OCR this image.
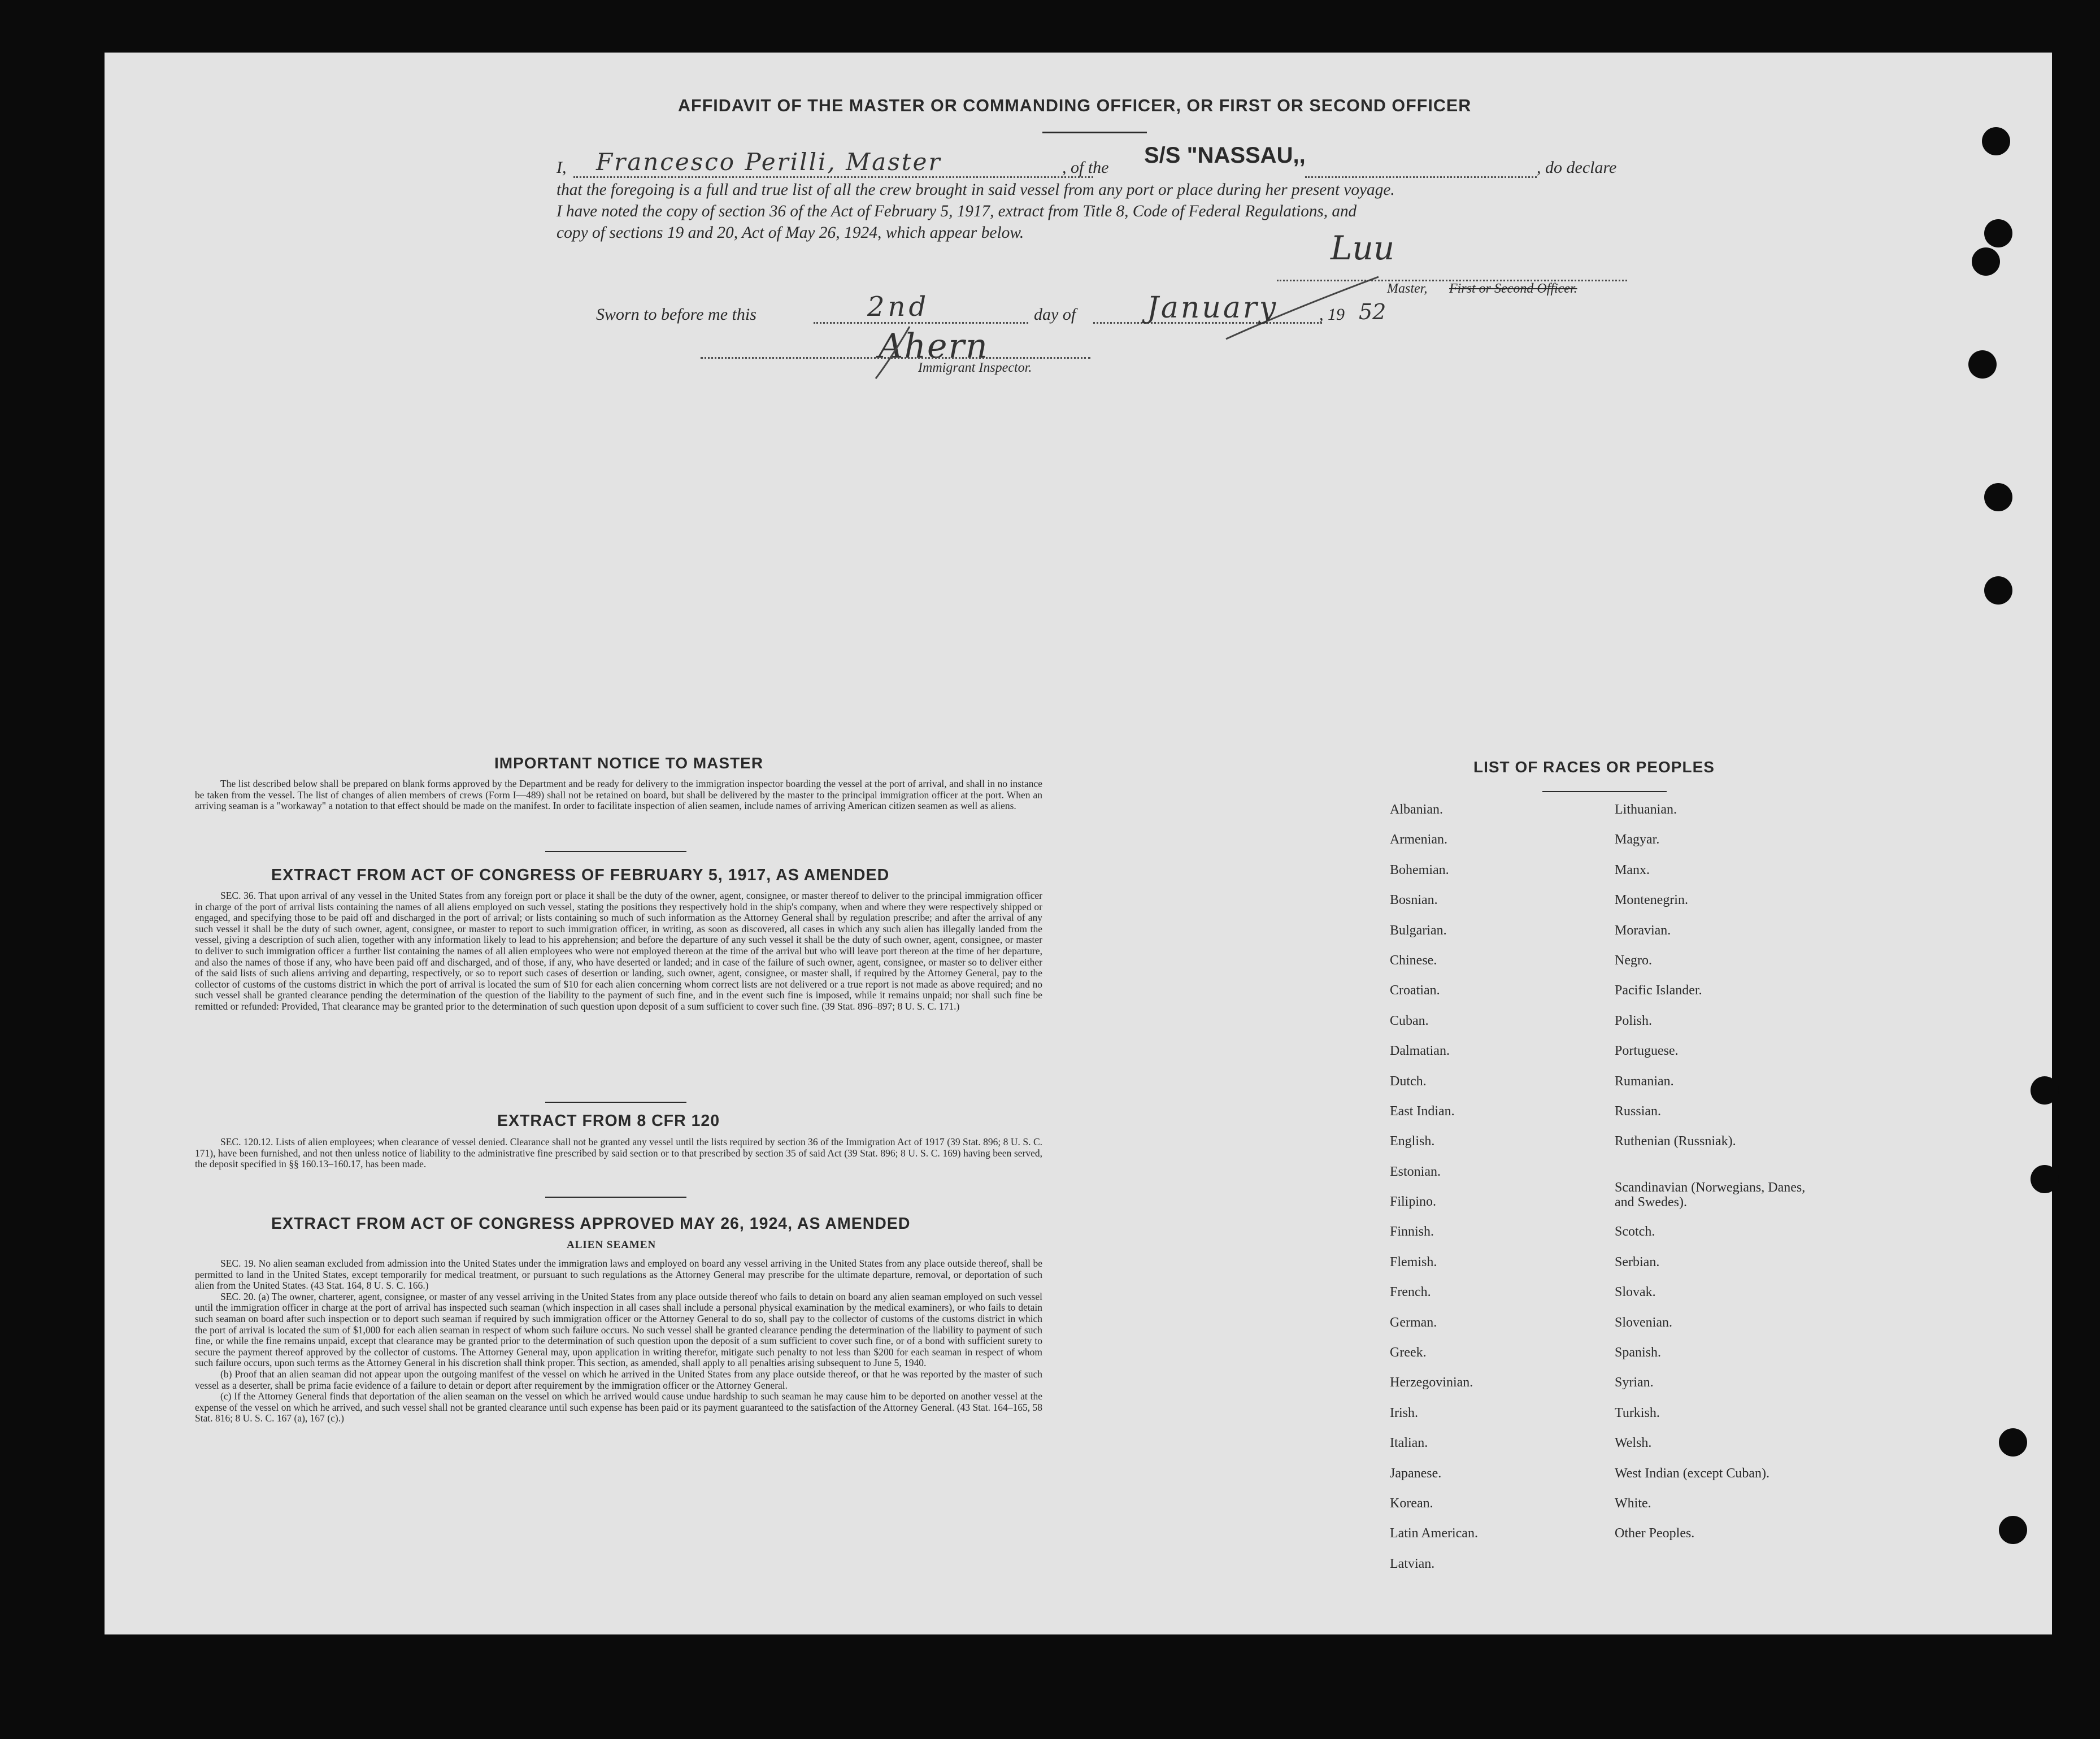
AFFIDAVIT OF THE MASTER OR COMMANDING OFFICER, OR FIRST OR SECOND OFFICER
I, Francesco Perilli, Master	, of the S/S "NASSAU,,	, do declare
that the foregoing is a full and true list of all the crew brought in said vessel from any port or place during her present voyage.
I have noted the copy of section 36 of the Act of February 5, 1917, extract from Title 8, Code of Federal Regulations, and
copy of sections 19 and 20, Act of May 26, 1924, which appear below.	Luu
Master, First or Second Officer.
Sworn to before me this	2nd	day of January , 19 52
Ahern
Immigrant Inspector.
IMPORTANT NOTICE TO MASTER

The list described below shall be prepared on blank forms approved by the Department and be ready for delivery to the immigration inspector boarding the vessel at the port of arrival, and shall in no instance be taken from the vessel. The list of changes of alien members of crews (Form I—489) shall not be retained on board, but shall be delivered by the master to the principal immigration officer at the port. When an arriving seaman is a "workaway" a notation to that effect should be made on the manifest. In order to facilitate inspection of alien seamen, include names of arriving American citizen seamen as well as aliens.

EXTRACT FROM ACT OF CONGRESS OF FEBRUARY 5, 1917, AS AMENDED

SEC. 36. That upon arrival of any vessel in the United States from any foreign port or place it shall be the duty of the owner, agent, consignee, or master thereof to deliver to the principal immigration officer in charge of the port of arrival lists containing the names of all aliens employed on such vessel, stating the positions they respectively hold in the ship's company, when and where they were respectively shipped or engaged, and specifying those to be paid off and discharged in the port of arrival; or lists containing so much of such information as the Attorney General shall by regulation prescribe; and after the arrival of any such vessel it shall be the duty of such owner, agent, consignee, or master to report to such immigration officer, in writing, as soon as discovered, all cases in which any such alien has illegally landed from the vessel, giving a description of such alien, together with any information likely to lead to his apprehension; and before the departure of any such vessel it shall be the duty of such owner, agent, consignee, or master to deliver to such immigration officer a further list containing the names of all alien employees who were not employed thereon at the time of the arrival but who will leave port thereon at the time of her departure, and also the names of those if any, who have been paid off and discharged, and of those, if any, who have deserted or landed; and in case of the failure of such owner, agent, consignee, or master so to deliver either of the said lists of such aliens arriving and departing, respectively, or so to report such cases of desertion or landing, such owner, agent, consignee, or master shall, if required by the Attorney General, pay to the collector of customs of the customs district in which the port of arrival is located the sum of $10 for each alien concerning whom correct lists are not delivered or a true report is not made as above required; and no such vessel shall be granted clearance pending the determination of the question of the liability to the payment of such fine, and in the event such fine is imposed, while it remains unpaid; nor shall such fine be remitted or refunded: Provided, That clearance may be granted prior to the determination of such question upon deposit of a sum sufficient to cover such fine. (39 Stat. 896–897; 8 U. S. C. 171.)

EXTRACT FROM 8 CFR 120

SEC. 120.12. Lists of alien employees; when clearance of vessel denied. Clearance shall not be granted any vessel until the lists required by section 36 of the Immigration Act of 1917 (39 Stat. 896; 8 U. S. C. 171), have been furnished, and not then unless notice of liability to the administrative fine prescribed by said section or to that prescribed by section 35 of said Act (39 Stat. 896; 8 U. S. C. 169) having been served, the deposit specified in §§ 160.13–160.17, has been made.

EXTRACT FROM ACT OF CONGRESS APPROVED MAY 26, 1924, AS AMENDED
ALIEN SEAMEN

SEC. 19. No alien seaman excluded from admission into the United States under the immigration laws and employed on board any vessel arriving in the United States from any place outside thereof, shall be permitted to land in the United States, except temporarily for medical treatment, or pursuant to such regulations as the Attorney General may prescribe for the ultimate departure, removal, or deportation of such alien from the United States. (43 Stat. 164, 8 U. S. C. 166.)

SEC. 20. (a) The owner, charterer, agent, consignee, or master of any vessel arriving in the United States from any place outside thereof who fails to detain on board any alien seaman employed on such vessel until the immigration officer in charge at the port of arrival has inspected such seaman (which inspection in all cases shall include a personal physical examination by the medical examiners), or who fails to detain such seaman on board after such inspection or to deport such seaman if required by such immigration officer or the Attorney General to do so, shall pay to the collector of customs of the customs district in which the port of arrival is located the sum of $1,000 for each alien seaman in respect of whom such failure occurs. No such vessel shall be granted clearance pending the determination of the liability to payment of such fine, or while the fine remains unpaid, except that clearance may be granted prior to the determination of such question upon the deposit of a sum sufficient to cover such fine, or of a bond with sufficient surety to secure the payment thereof approved by the collector of customs. The Attorney General may, upon application in writing therefor, mitigate such penalty to not less than $200 for each seaman in respect of whom such failure occurs, upon such terms as the Attorney General in his discretion shall think proper. This section, as amended, shall apply to all penalties arising subsequent to June 5, 1940.

(b) Proof that an alien seaman did not appear upon the outgoing manifest of the vessel on which he arrived in the United States from any place outside thereof, or that he was reported by the master of such vessel as a deserter, shall be prima facie evidence of a failure to detain or deport after requirement by the immigration officer or the Attorney General.

(c) If the Attorney General finds that deportation of the alien seaman on the vessel on which he arrived would cause undue hardship to such seaman he may cause him to be deported on another vessel at the expense of the vessel on which he arrived, and such vessel shall not be granted clearance until such expense has been paid or its payment guaranteed to the satisfaction of the Attorney General. (43 Stat. 164–165, 58 Stat. 816; 8 U. S. C. 167 (a), 167 (c).)

LIST OF RACES OR PEOPLES
Albanian.
Armenian.
Bohemian.
Bosnian.
Bulgarian.
Chinese.
Croatian.
Cuban.
Dalmatian.
Dutch.
East Indian.
English.
Estonian.
Filipino.
Finnish.
Flemish.
French.
German.
Greek.
Herzegovinian.
Irish.
Italian.
Japanese.
Korean.
Latin American.
Latvian.
Lithuanian.
Magyar.
Manx.
Montenegrin.
Moravian.
Negro.
Pacific Islander.
Polish.
Portuguese.
Rumanian.
Russian.
Ruthenian (Russniak).
Scandinavian (Norwegians, Danes, and Swedes).
Scotch.
Serbian.
Slovak.
Slovenian.
Spanish.
Syrian.
Turkish.
Welsh.
West Indian (except Cuban).
White.
Other Peoples.
